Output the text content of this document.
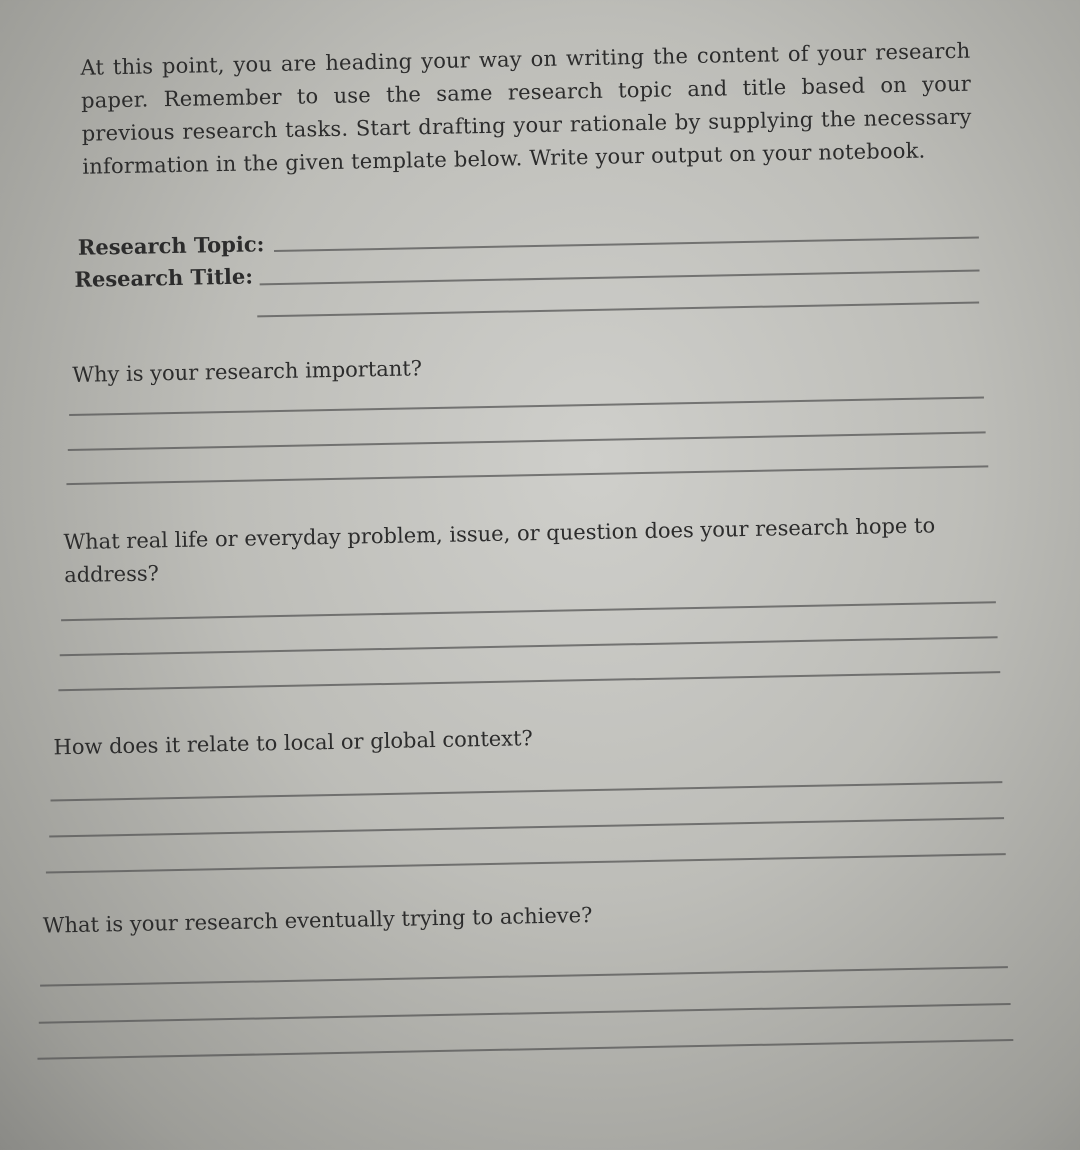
At this point, you are heading your way on writing the content of your research paper. Remember to use the same research topic and title based on your previous research tasks. Start drafting your rationale by supplying the necessary information in the given template below. Write your output on your notebook.

Research Topic:
Research Title:
Why is your research important?
What real life or everyday problem, issue, or question does your research hope to address?
How does it relate to local or global context?
What is your research eventually trying to achieve?
